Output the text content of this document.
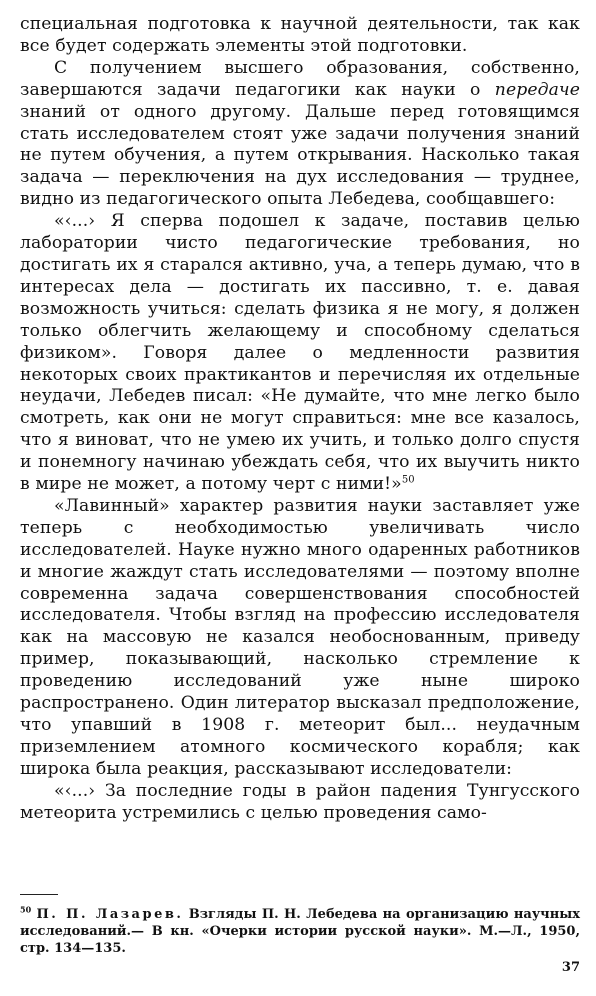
специальная подготовка к научной деятельности, так как все будет содержать элементы этой подготовки.

С получением высшего образования, собственно, завершаются задачи педагогики как науки о передаче знаний от одного другому. Дальше перед готовящимся стать исследователем стоят уже задачи получения знаний не путем обучения, а путем открывания. Насколько такая задача — переключения на дух исследования — труднее, видно из педагогического опыта Лебедева, сообщавшего:

«‹...› Я сперва подошел к задаче, поставив целью лаборатории чисто педагогические требования, но достигать их я старался активно, уча, а теперь думаю, что в интересах дела — достигать их пассивно, т. е. давая возможность учиться: сделать физика я не могу, я должен только облегчить желающему и способному сделаться физиком». Говоря далее о медленности развития некоторых своих практикантов и перечисляя их отдельные неудачи, Лебедев писал: «Не думайте, что мне легко было смотреть, как они не могут справиться: мне все казалось, что я виноват, что не умею их учить, и только долго спустя и понемногу начинаю убеждать себя, что их выучить никто в мире не может, а потому черт с ними!»$^{50}$

«Лавинный» характер развития науки заставляет уже теперь с необходимостью увеличивать число исследователей. Науке нужно много одаренных работников и многие жаждут стать исследователями — поэтому вполне современна задача совершенствования способностей исследователя. Чтобы взгляд на профессию исследователя как на массовую не казался необоснованным, приведу пример, показывающий, насколько стремление к проведению исследований уже ныне широко распространено. Один литератор высказал предположение, что упавший в 1908 г. метеорит был... неудачным приземлением атомного космического корабля; как широка была реакция, рассказывают исследователи:

«‹...› За последние годы в район падения Тунгусского метеорита устремились с целью проведения само-

$^{50}$ П. П. Лазарев. Взгляды П. Н. Лебедева на организацию научных исследований.— В кн. «Очерки истории русской науки». М.—Л., 1950, стр. 134—135.
37
